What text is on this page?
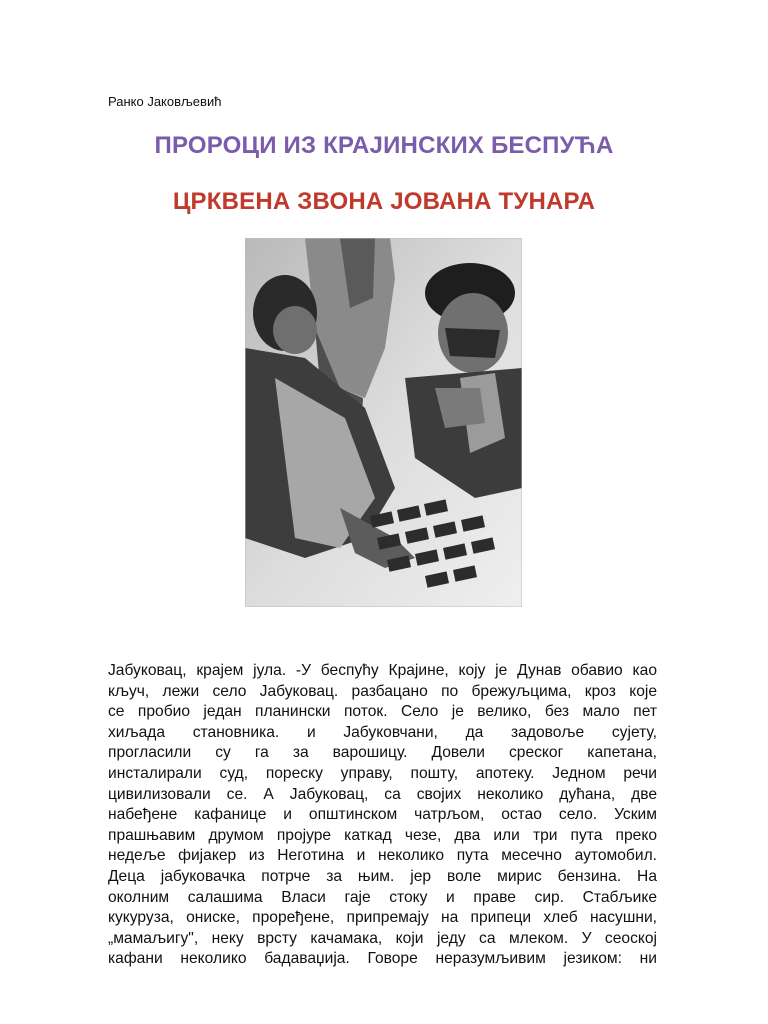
Ранко Јаковљевић
ПРОРОЦИ ИЗ КРАЈИНСКИХ БЕСПУЋА
ЦРКВЕНА ЗВОНА ЈОВАНА ТУНАРА
Јабуковац, крајем јула. -У беспућу Крајине, коју је Дунав обавио као
кључ, лежи село Јабуковац. разбацано по брежуљцима, кроз које
се пробио један планински поток. Село је велико, без мало пет
хиљада становника. и Јабуковчани, да задовоље сујету,
прогласили су га за варошицу. Довели среског капетана,
инсталирали суд, пореску управу, пошту, апотеку. Једном речи
цивилизовали се. А Јабуковац, са својих неколико дућана, две
набеђене кафанице и општинском чатрљом, остао село. Уским
прашњавим друмом пројуре каткад чезе, два или три пута преко
недеље фијакер из Неготина и неколико пута месечно аутомобил.
Деца јабуковачка потрче за њим. јер воле мирис бензина. На
околним салашима Власи гаје стоку и праве сир. Стабљике
кукуруза, ониске, проређене, припремају на припеци хлеб насушни,
„мамаљигу", неку врсту качамака, који једу са млеком. У сеоској
кафани неколико бадаваџија. Говоре неразумљивим језиком: ни
